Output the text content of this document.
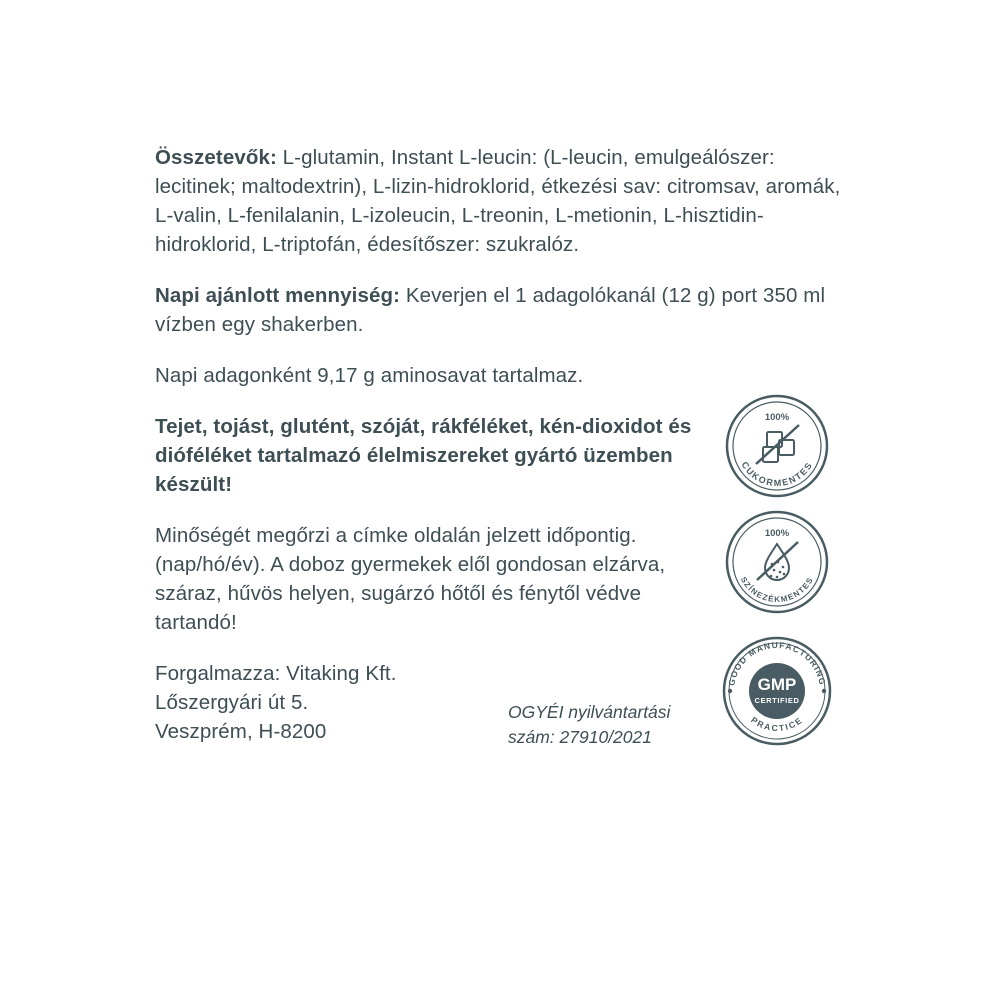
Összetevők: L-glutamin, Instant L-leucin: (L-leucin, emulgeálószer: lecitinek; maltodextrin), L-lizin-hidroklorid, étkezési sav: citromsav, aromák, L-valin, L-fenilalanin, L-izoleucin, L-treonin, L-metionin, L-hisztidin-hidroklorid, L-triptofán, édesítőszer: szukralóz.

Napi ajánlott mennyiség: Keverjen el 1 adagolókanál (12 g) port 350 ml vízben egy shakerben.

Napi adagonként 9,17 g aminosavat tartalmaz.

Tejet, tojást, glutént, szóját, rákféléket, kén-dioxidot és dióféléket tartalmazó élelmiszereket gyártó üzemben készült!

Minőségét megőrzi a címke oldalán jelzett időpontig. (nap/hó/év). A doboz gyermekek elől gondosan elzárva, száraz, hűvös helyen, sugárzó hőtől és fénytől védve tartandó!

Forgalmazza: Vitaking Kft.
Lőszergyári út 5.
Veszprém, H-8200

OGYÉI nyilvántartási
szám: 27910/2021
100%
CUKORMENTES
100%
SZÍNEZÉKMENTES
GMP
CERTIFIED
GOOD MANUFACTURING
PRACTICE
